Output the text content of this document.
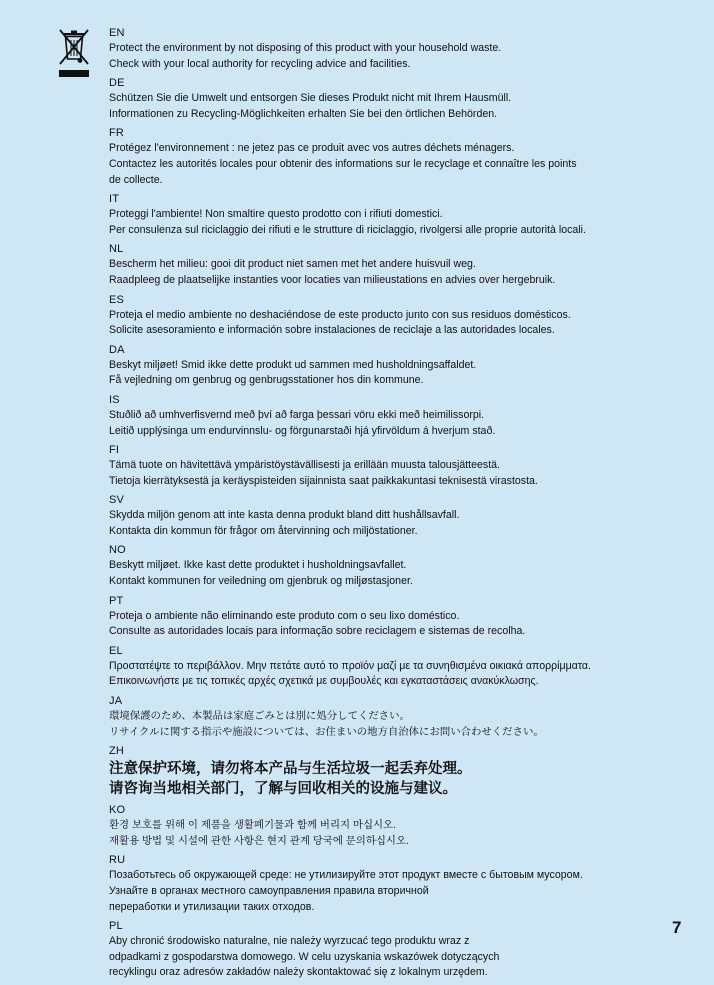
EN
Protect the environment by not disposing of this product with your household waste.
Check with your local authority for recycling advice and facilities.
DE
Schützen Sie die Umwelt und entsorgen Sie dieses Produkt nicht mit Ihrem Hausmüll.
Informationen zu Recycling-Möglichkeiten erhalten Sie bei den örtlichen Behörden.
FR
Protégez l'environnement : ne jetez pas ce produit avec vos autres déchets ménagers.
Contactez les autorités locales pour obtenir des informations sur le recyclage et connaître les points
de collecte.
IT
Proteggi l'ambiente! Non smaltire questo prodotto con i rifiuti domestici.
Per consulenza sul riciclaggio dei rifiuti e le strutture di riciclaggio, rivolgersi alle proprie autorità locali.
NL
Bescherm het milieu: gooi dit product niet samen met het andere huisvuil weg.
Raadpleeg de plaatselijke instanties voor locaties van milieustations en advies over hergebruik.
ES
Proteja el medio ambiente no deshaciéndose de este producto junto con sus residuos domésticos.
Solicite asesoramiento e información sobre instalaciones de reciclaje a las autoridades locales.
DA
Beskyt miljøet! Smid ikke dette produkt ud sammen med husholdningsaffaldet.
Få vejledning om genbrug og genbrugsstationer hos din kommune.
IS
Stuðlið að umhverfisvernd með því að farga þessari vöru ekki með heimilissorpi.
Leitið upplýsinga um endurvinnslu- og förgunarstaði hjá yfirvöldum á hverjum stað.
FI
Tämä tuote on hävitettävä ympäristöystävällisesti ja erillään muusta talousjätteestä.
Tietoja kierrätyksestä ja keräyspisteiden sijainnista saat paikkakuntasi teknisestä virastosta.
SV
Skydda miljön genom att inte kasta denna produkt bland ditt hushållsavfall.
Kontakta din kommun för frågor om återvinning och miljöstationer.
NO
Beskytt miljøet. Ikke kast dette produktet i husholdningsavfallet.
Kontakt kommunen for veiledning om gjenbruk og miljøstasjoner.
PT
Proteja o ambiente não eliminando este produto com o seu lixo doméstico.
Consulte as autoridades locais para informação sobre reciclagem e sistemas de recolha.
EL
Προστατέψτε το περιβάλλον. Μην πετάτε αυτό το προϊόν μαζί με τα συνηθισμένα οικιακά απορρίμματα.
Επικοινωνήστε με τις τοπικές αρχές σχετικά με συμβουλές και εγκαταστάσεις ανακύκλωσης.
JA
環境保護のため、本製品は家庭ごみとは別に処分してください。
リサイクルに関する指示や施設については、お住まいの地方自治体にお問い合わせください。
ZH
注意保护环境，请勿将本产品与生活垃圾一起丢弃处理。
请咨询当地相关部门，了解与回收相关的设施与建议。
KO
환경 보호를 위해 이 제품을 생활폐기물과 함께 버리지 마십시오.
재활용 방법 및 시설에 관한 사항은 현지 관계 당국에 문의하십시오.
RU
Позаботьтесь об окружающей среде: не утилизируйте этот продукт вместе с бытовым мусором.
Узнайте в органах местного самоуправления правила вторичной
переработки и утилизации таких отходов.
PL
Aby chronić środowisko naturalne, nie należy wyrzucać tego produktu wraz z
odpadkami z gospodarstwa domowego. W celu uzyskania wskazówek dotyczących
recyklingu oraz adresów zakładów należy skontaktować się z lokalnym urzędem.
7
